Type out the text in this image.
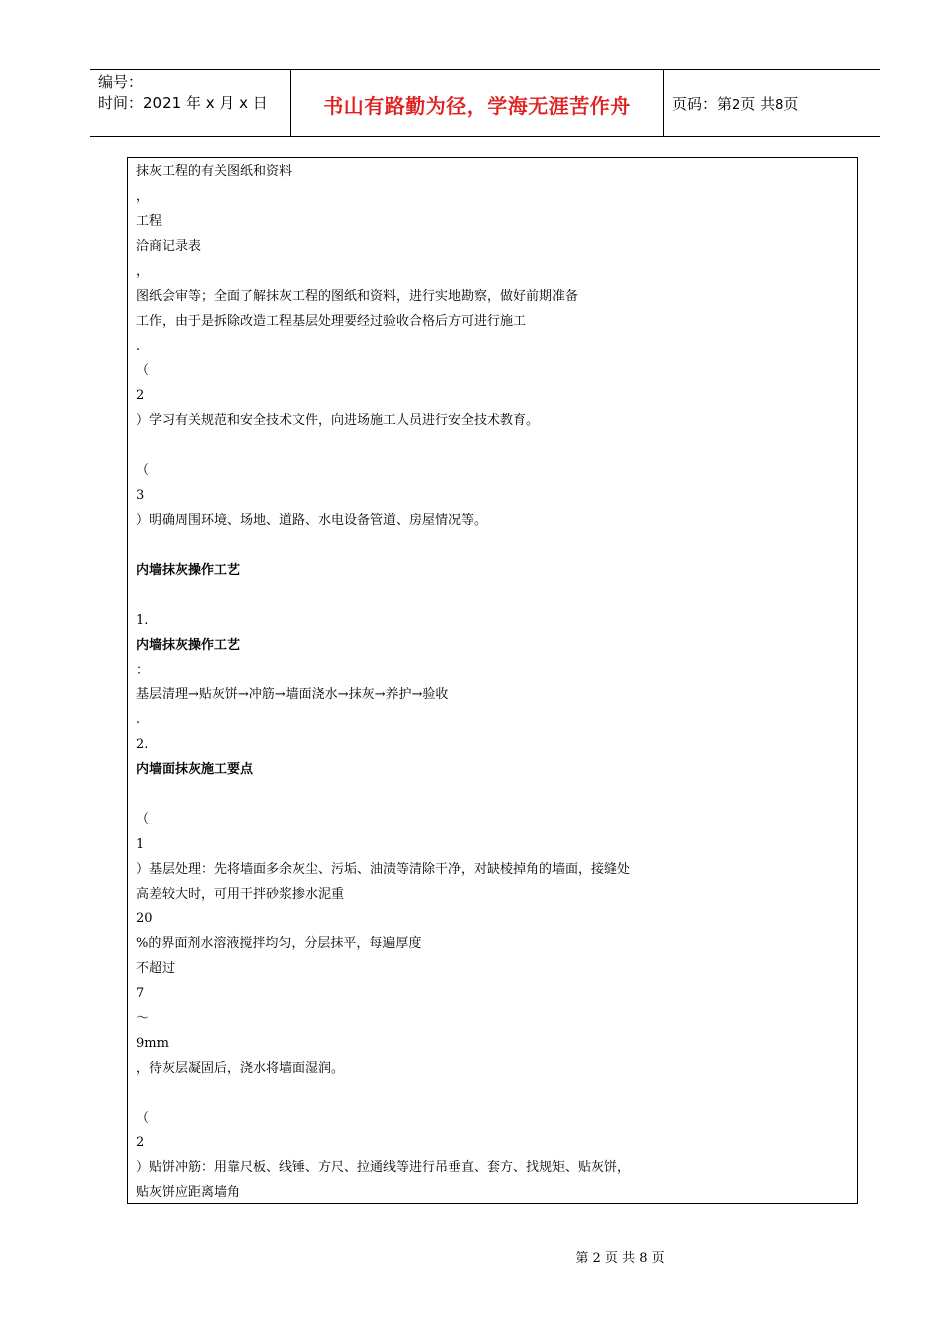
编号：
时间：2021 年 x 月 x 日	书山有路勤为径，学海无涯苦作舟	页码：第2页 共8页
抹灰工程的有关图纸和资料
，
工程
洽商记录表
，
图纸会审等；全面了解抹灰工程的图纸和资料，进行实地勘察，做好前期准备
工作，由于是拆除改造工程基层处理要经过验收合格后方可进行施工
.
（
2
）学习有关规范和安全技术文件，向进场施工人员进行安全技术教育。
（
3
）明确周围环境、场地、道路、水电设备管道、房屋情况等。
内墙抹灰操作工艺
1.
内墙抹灰操作工艺
：
基层清理→贴灰饼→冲筋→墙面浇水→抹灰→养护→验收
.
2.
内墙面抹灰施工要点
（
1
）基层处理：先将墙面多余灰尘、污垢、油渍等清除干净，对缺棱掉角的墙面，接缝处
高差较大时，可用干拌砂浆掺水泥重
20
%的界面剂水溶液搅拌均匀，分层抹平，每遍厚度
不超过
7
～
9mm
，待灰层凝固后，浇水将墙面湿润。
（
2
）贴饼冲筋：用靠尺板、线锤、方尺、拉通线等进行吊垂直、套方、找规矩、贴灰饼，
贴灰饼应距离墙角
第 2 页 共 8 页
